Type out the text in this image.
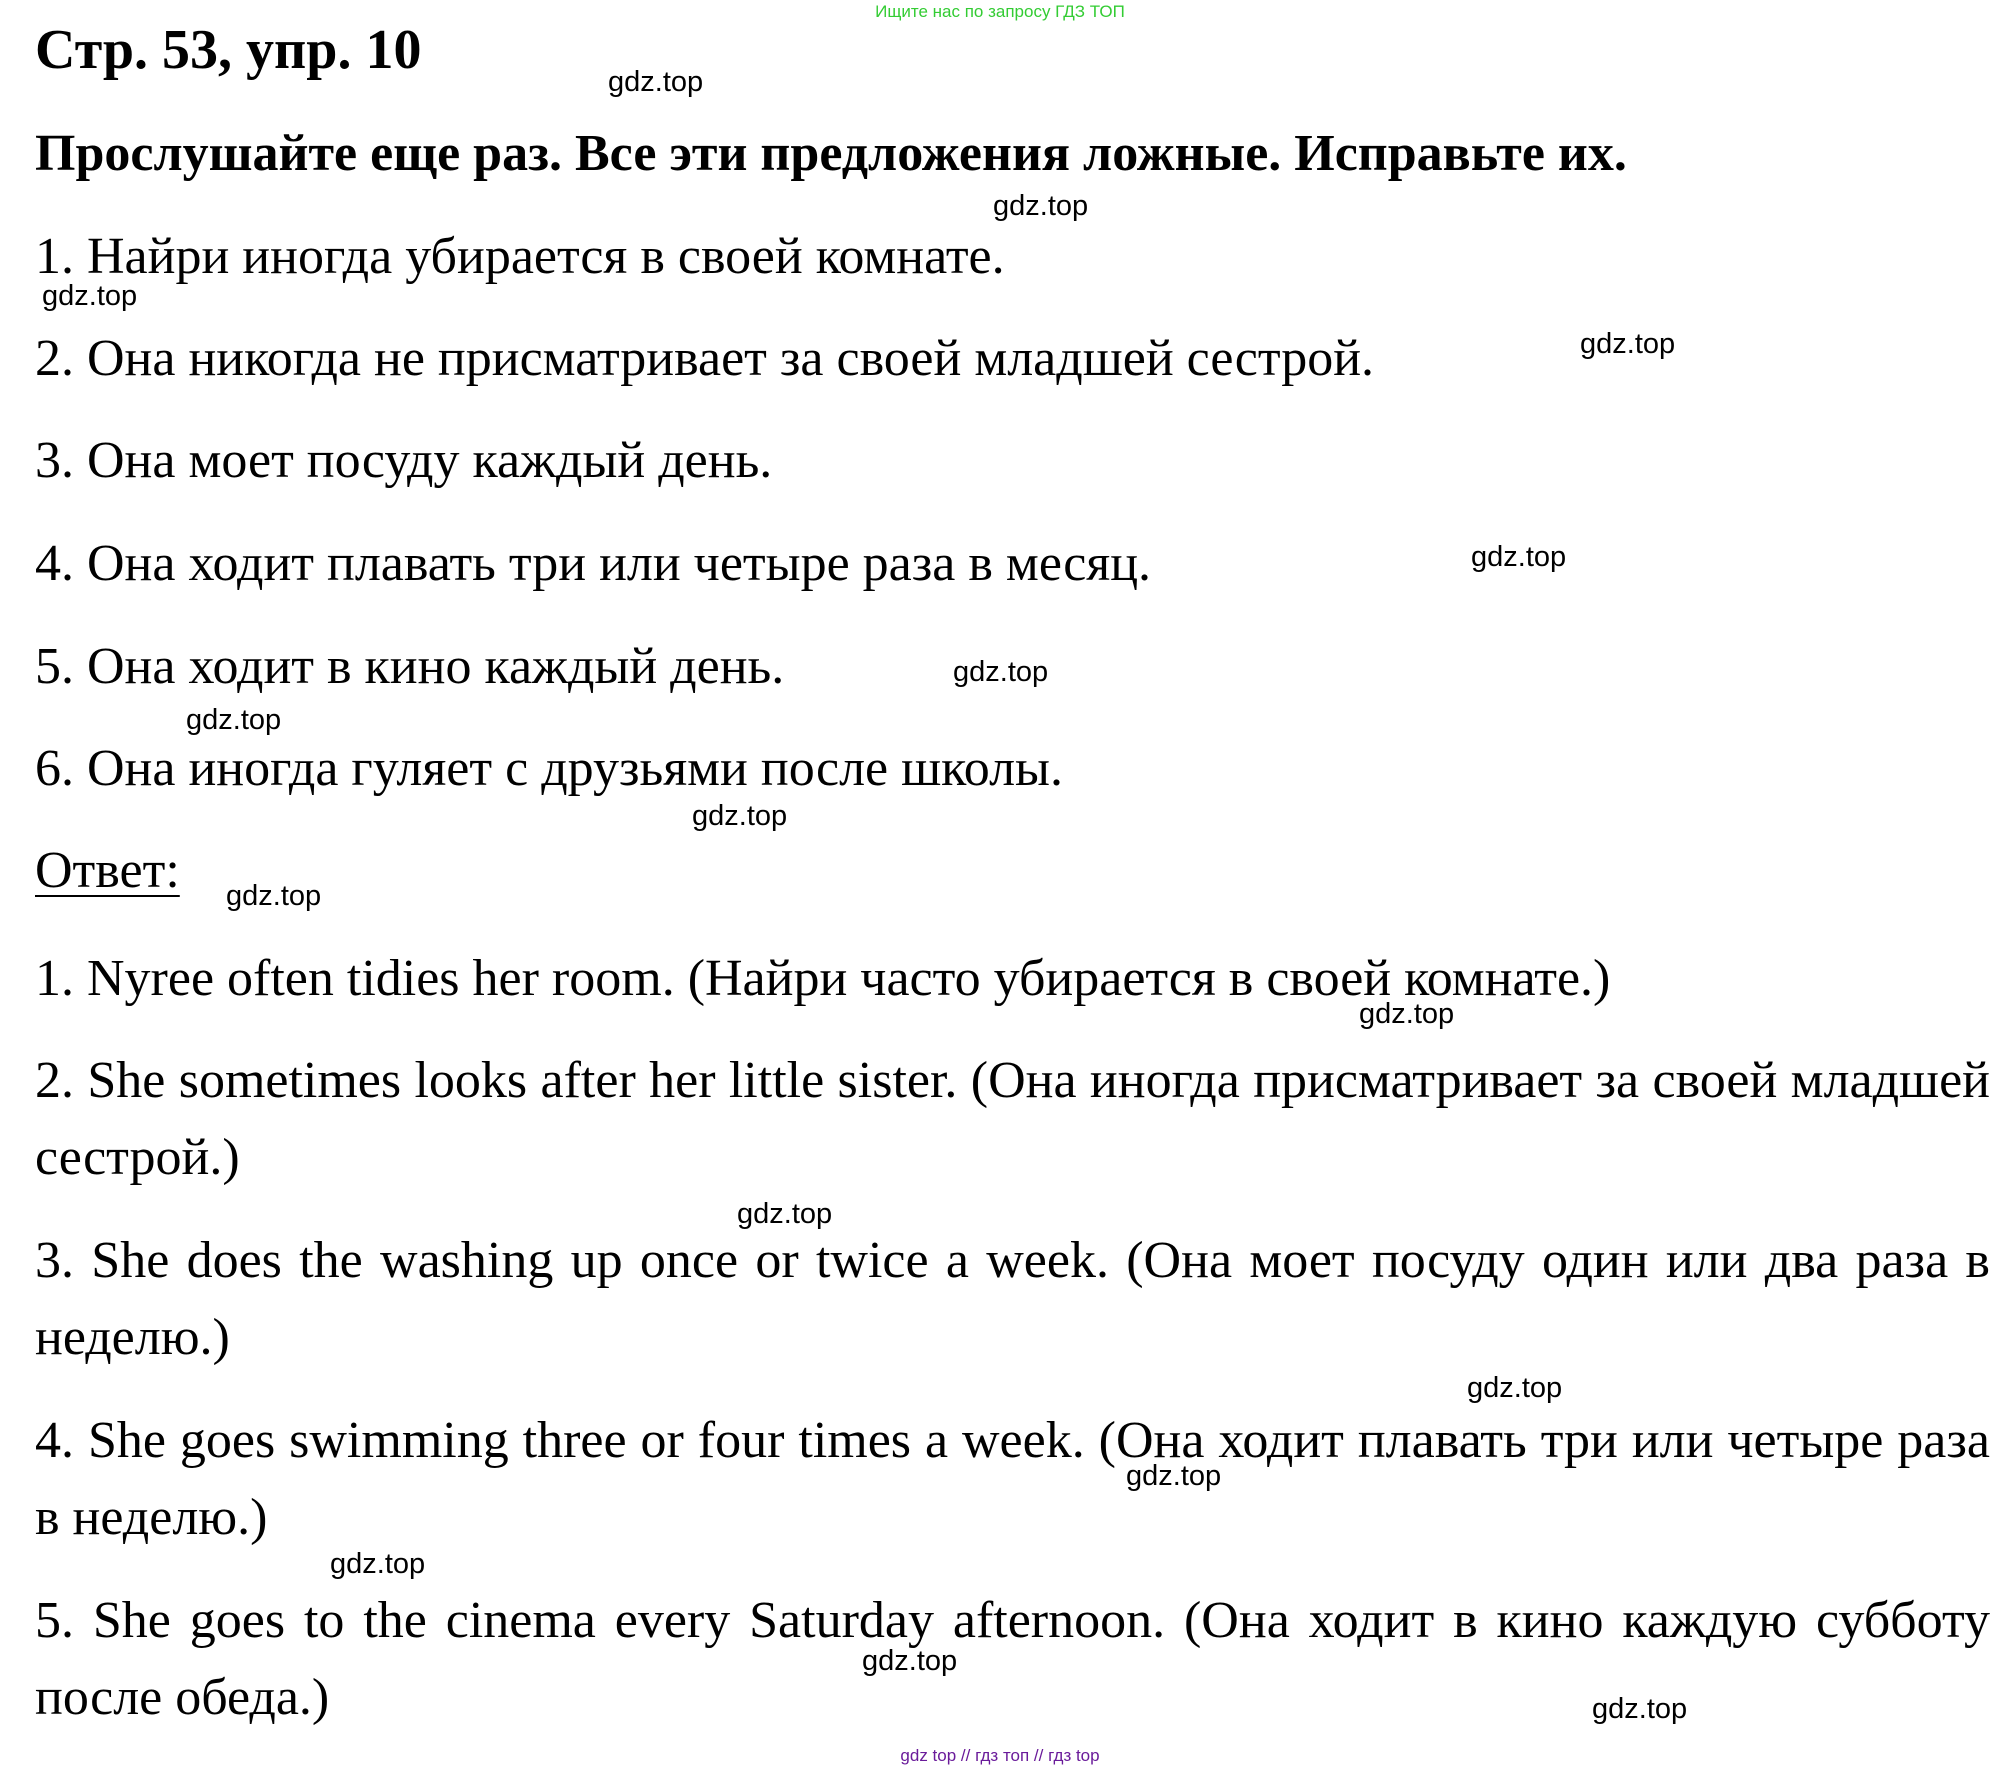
Ищите нас по запросу ГДЗ ТОП
Стр. 53, упр. 10
Прослушайте еще раз. Все эти предложения ложные. Исправьте их.
1. Найри иногда убирается в своей комнате.
2. Она никогда не присматривает за своей младшей сестрой.
3. Она моет посуду каждый день.
4. Она ходит плавать три или четыре раза в месяц.
5. Она ходит в кино каждый день.
6. Она иногда гуляет с друзьями после школы.
Ответ:
1. Nyree often tidies her room. (Найри часто убирается в своей комнате.)
2. She sometimes looks after her little sister. (Она иногда присматривает за своей младшей сестрой.)
3. She does the washing up once or twice a week. (Она моет посуду один или два раза в неделю.)
4. She goes swimming three or four times a week. (Она ходит плавать три или четыре раза в неделю.)
5. She goes to the cinema every Saturday afternoon. (Она ходит в кино каждую субботу после обеда.)
gdz.top
gdz.top
gdz.top
gdz.top
gdz.top
gdz.top
gdz.top
gdz.top
gdz.top
gdz.top
gdz.top
gdz.top
gdz.top
gdz.top
gdz.top
gdz.top
gdz top // гдз топ // гдз top
